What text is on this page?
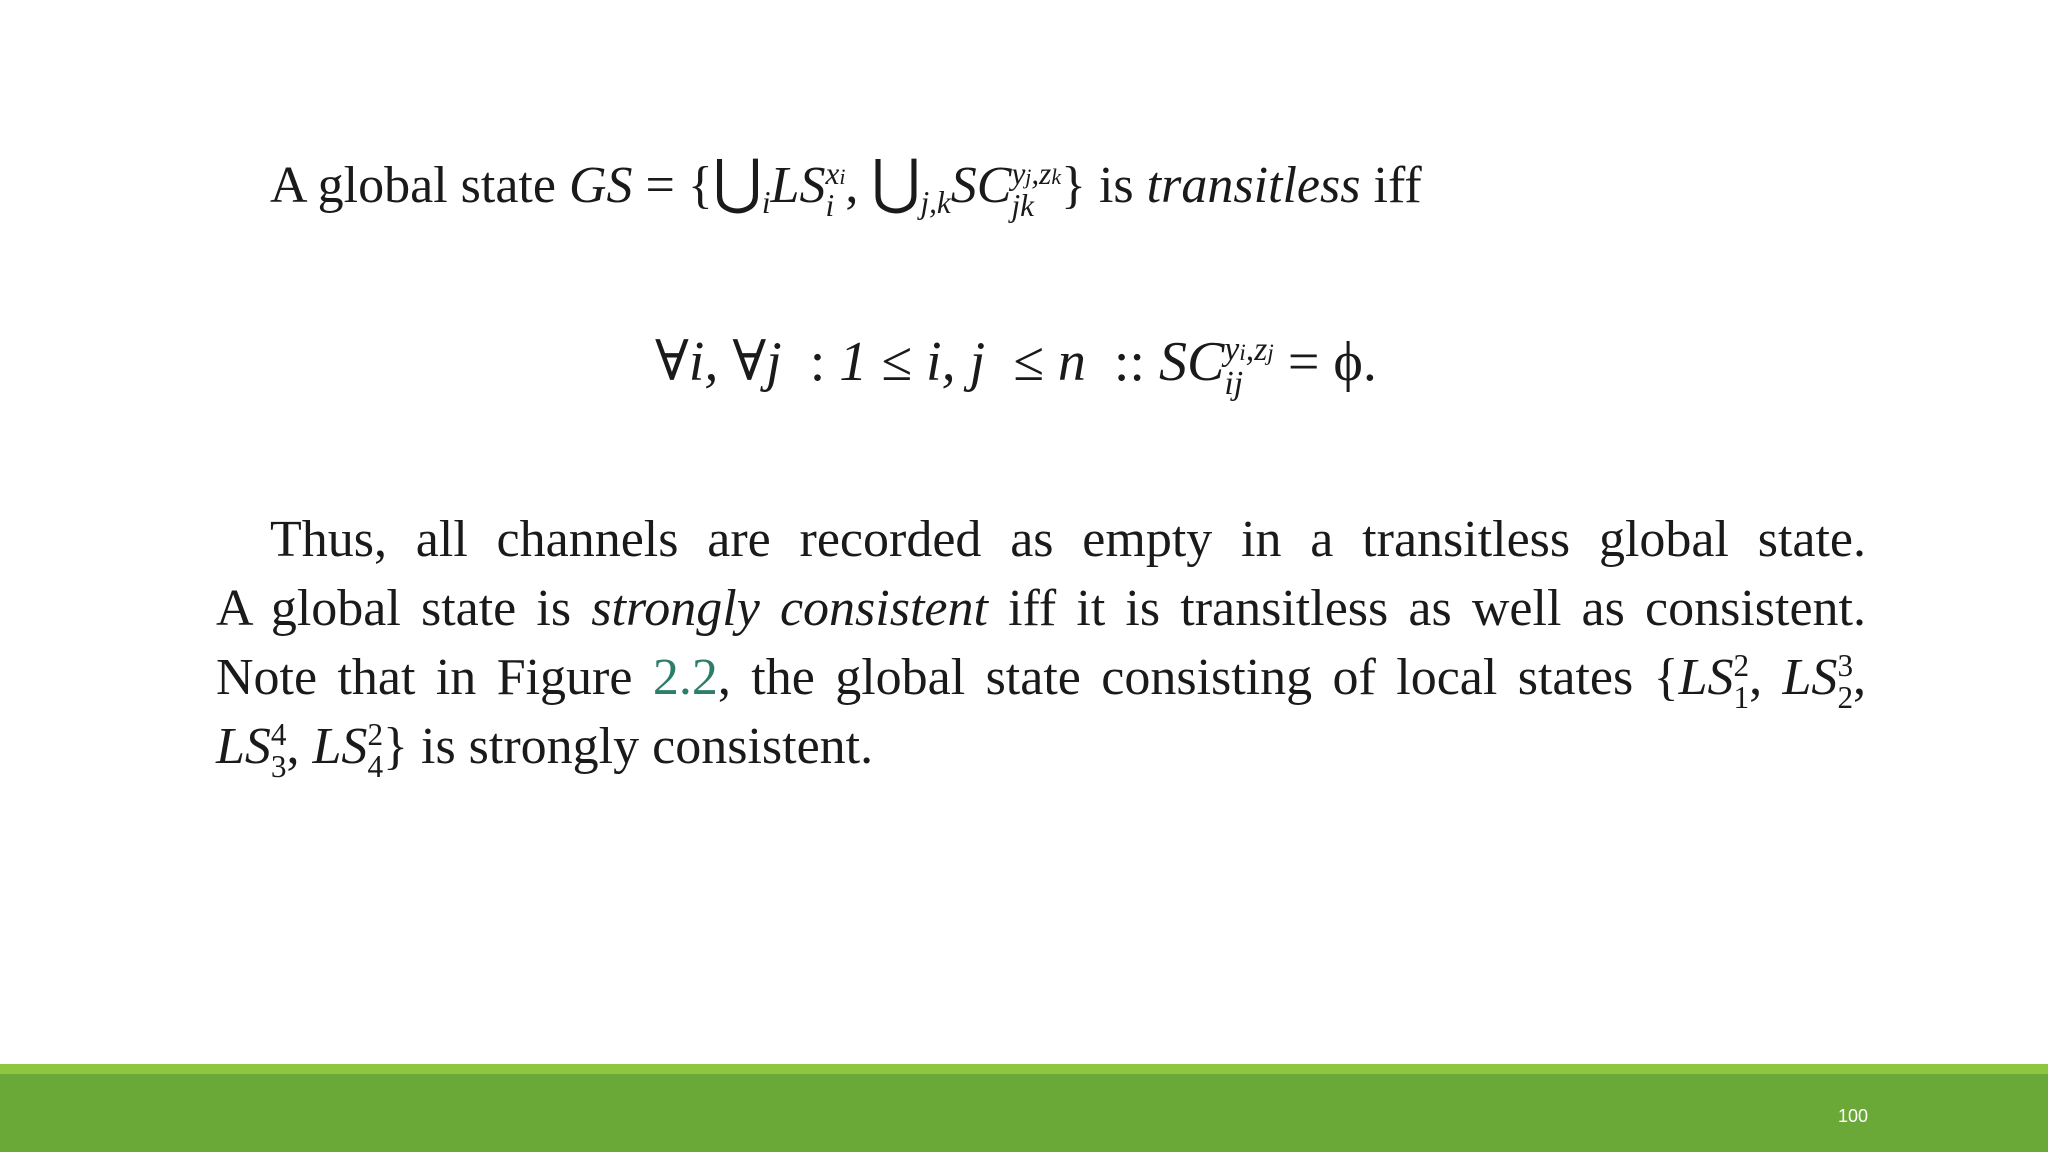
A global state GS = {$⋃_iLS$ xi
i , $⋃_{j,k}SC$ yj,zk
jk } is transitless iff
∀i, ∀j : 1 ≤ i, j  ≤ n :: SC yi,zj
ij = ϕ.
Thus, all channels are recorded as empty in a transitless global state.
A global state is strongly consistent iff it is transitless as well as consistent.
Note that in Figure 2.2, the global state consisting of local states {LS 2
1 , LS 3
2 ,
LS 4
3 , LS 2
4 } is strongly consistent.
100
